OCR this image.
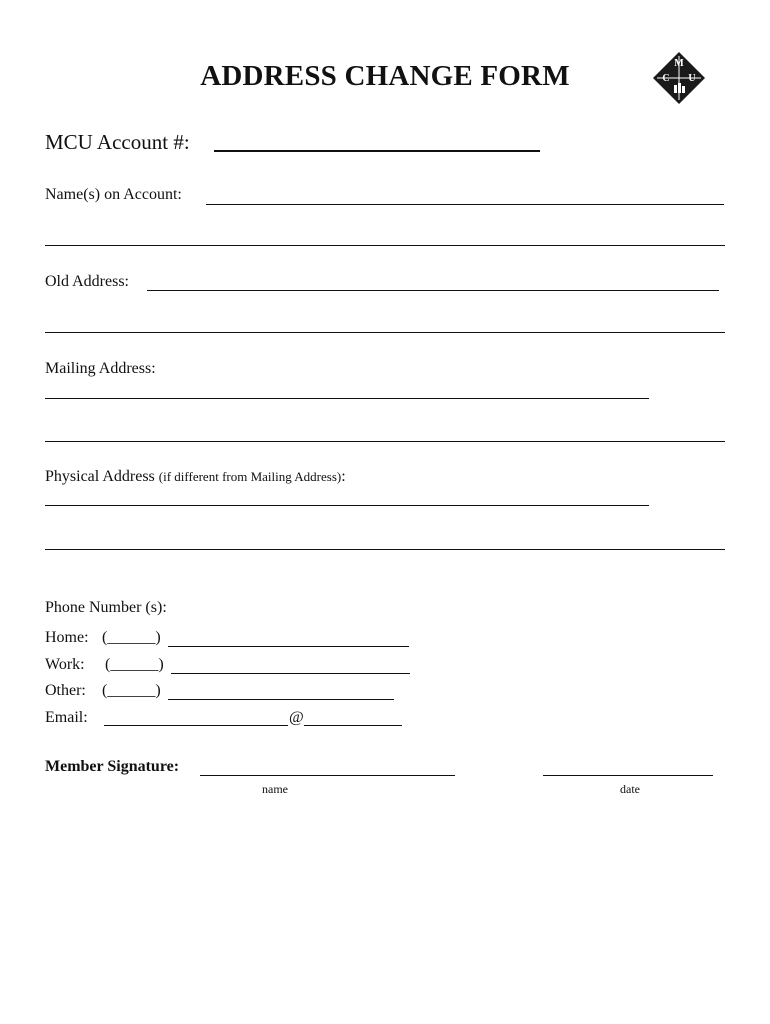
ADDRESS CHANGE FORM	M
C U
MCU Account #:
Name(s) on Account:
Old Address:
Mailing Address:
Physical Address (if different from Mailing Address):
Phone Number (s):
Home: (______)
Work: (______)
Other: (______)
Email:	@
Member Signature:
name	date
